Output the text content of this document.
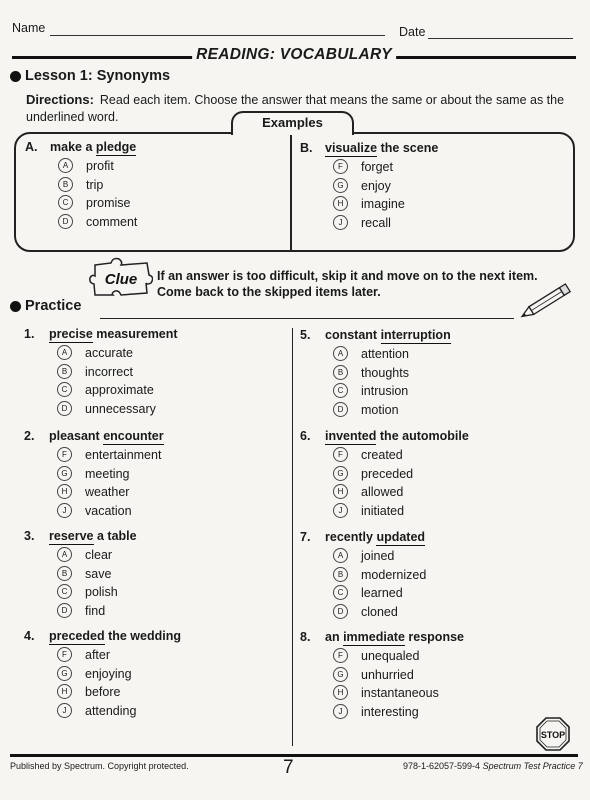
Name	Date
READING: VOCABULARY
Lesson 1: Synonyms
Directions: Read each item. Choose the answer that means the same or about the same as the underlined word.	Examples
A. make a pledge
A profit
B trip
C promise
D comment
B. visualize the scene
F forget
G enjoy
H imagine
J recall
Clue If an answer is too difficult, skip it and move on to the next item.
Come back to the skipped items later.
Practice
1. precise measurement
A accurate
B incorrect
C approximate
D unnecessary
2. pleasant encounter
F entertainment
G meeting
H weather
J vacation
3. reserve a table
A clear
B save
C polish
D find
4. preceded the wedding
F after
G enjoying
H before
J attending
5. constant interruption
A attention
B thoughts
C intrusion
D motion
6. invented the automobile
F created
G preceded
H allowed
J initiated
7. recently updated
A joined
B modernized
C learned
D cloned
8. an immediate response
F unequaled
G unhurried
H instantaneous
J interesting
STOP
Published by Spectrum. Copyright protected.	7	978-1-62057-599-4 Spectrum Test Practice 7
